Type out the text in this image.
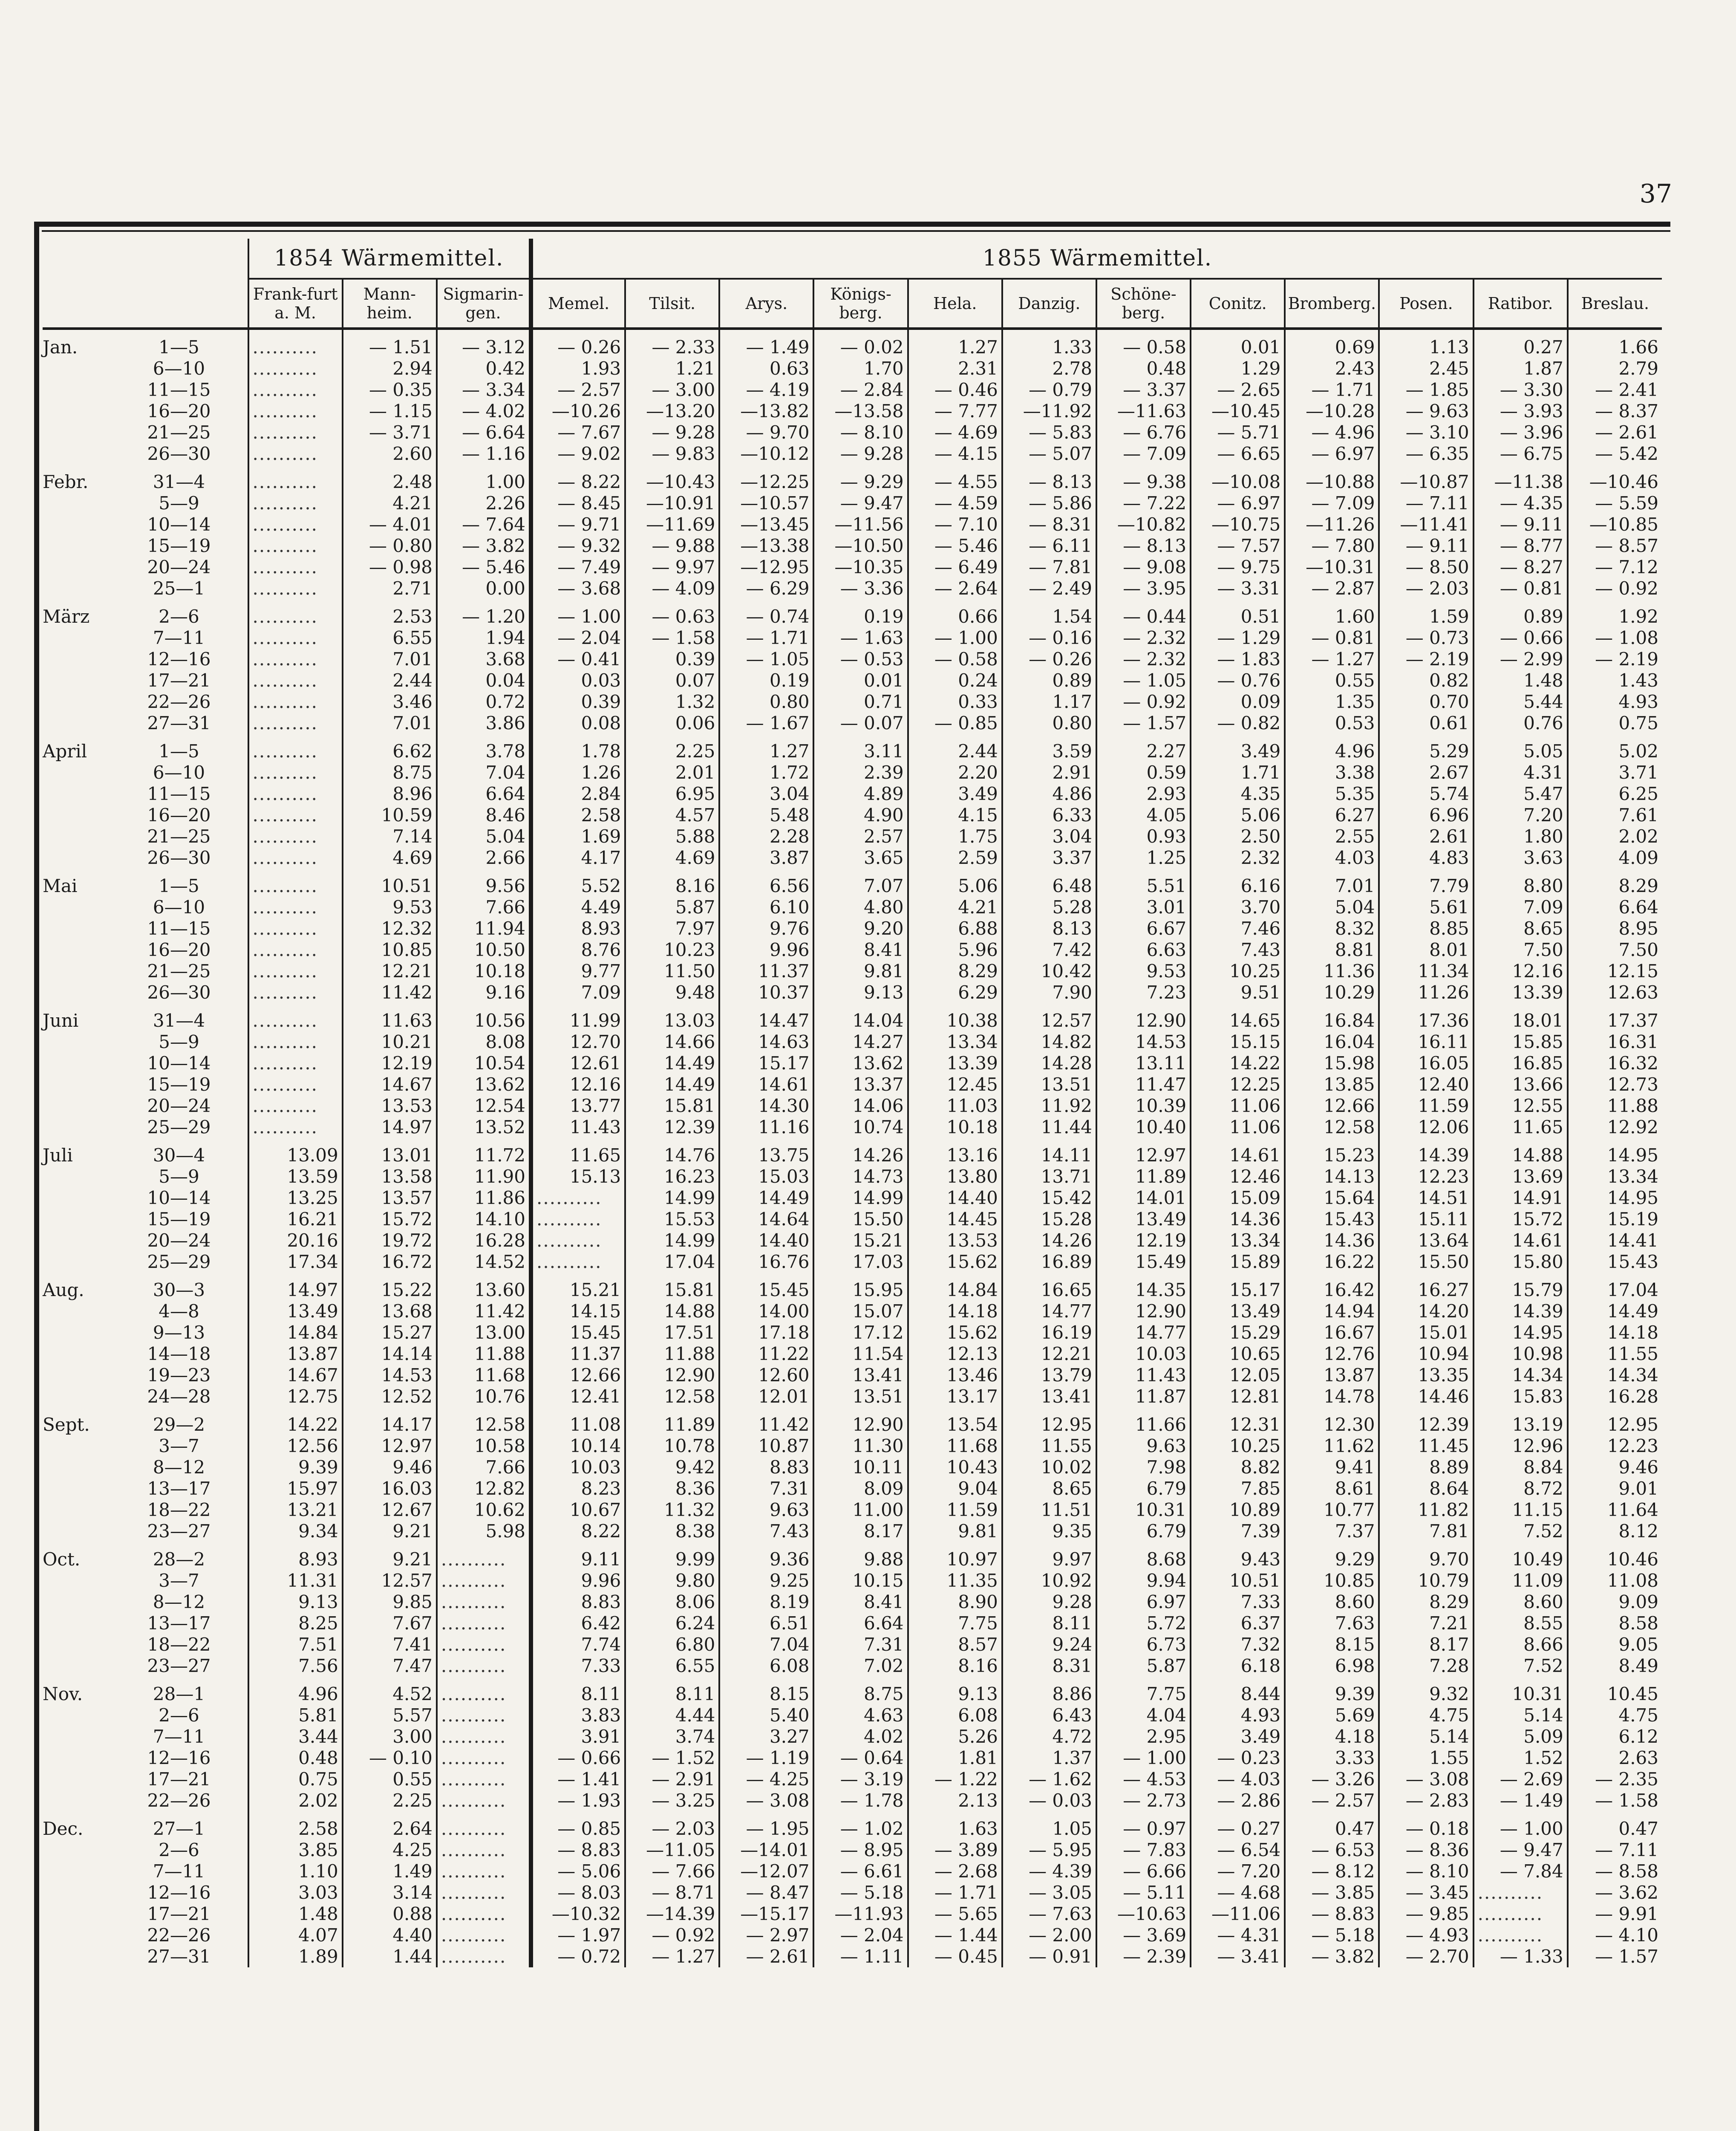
37
	1854 Wärmemittel.			1855 Wärmemittel.											
	Frank-furt a. M.	Mann-heim.	Sigmarin-gen.	Memel.	Tilsit.	Arys.	Königs-berg.	Hela.	Danzig.	Schöne-berg.	Conitz.	Bromberg.	Posen.	Ratibor.	Breslau.
Jan. 1—5	..........	— 1.51	— 3.12	— 0.26	— 2.33	— 1.49	— 0.02	1.27	1.33	— 0.58	0.01	0.69	1.13	0.27	1.66
6—10	..........	2.94	0.42	1.93	1.21	0.63	1.70	2.31	2.78	0.48	1.29	2.43	2.45	1.87	2.79
11—15	..........	— 0.35	— 3.34	— 2.57	— 3.00	— 4.19	— 2.84	— 0.46	— 0.79	— 3.37	— 2.65	— 1.71	— 1.85	— 3.30	— 2.41
16—20	..........	— 1.15	— 4.02	—10.26	—13.20	—13.82	—13.58	— 7.77	—11.92	—11.63	—10.45	—10.28	— 9.63	— 3.93	— 8.37
21—25	..........	— 3.71	— 6.64	— 7.67	— 9.28	— 9.70	— 8.10	— 4.69	— 5.83	— 6.76	— 5.71	— 4.96	— 3.10	— 3.96	— 2.61
26—30	..........	2.60	— 1.16	— 9.02	— 9.83	—10.12	— 9.28	— 4.15	— 5.07	— 7.09	— 6.65	— 6.97	— 6.35	— 6.75	— 5.42
Febr. 31—4	..........	2.48	1.00	— 8.22	—10.43	—12.25	— 9.29	— 4.55	— 8.13	— 9.38	—10.08	—10.88	—10.87	—11.38	—10.46
5—9	..........	4.21	2.26	— 8.45	—10.91	—10.57	— 9.47	— 4.59	— 5.86	— 7.22	— 6.97	— 7.09	— 7.11	— 4.35	— 5.59
10—14	..........	— 4.01	— 7.64	— 9.71	—11.69	—13.45	—11.56	— 7.10	— 8.31	—10.82	—10.75	—11.26	—11.41	— 9.11	—10.85
15—19	..........	— 0.80	— 3.82	— 9.32	— 9.88	—13.38	—10.50	— 5.46	— 6.11	— 8.13	— 7.57	— 7.80	— 9.11	— 8.77	— 8.57
20—24	..........	— 0.98	— 5.46	— 7.49	— 9.97	—12.95	—10.35	— 6.49	— 7.81	— 9.08	— 9.75	—10.31	— 8.50	— 8.27	— 7.12
25—1	..........	2.71	0.00	— 3.68	— 4.09	— 6.29	— 3.36	— 2.64	— 2.49	— 3.95	— 3.31	— 2.87	— 2.03	— 0.81	— 0.92
März 2—6	..........	2.53	— 1.20	— 1.00	— 0.63	— 0.74	0.19	0.66	1.54	— 0.44	0.51	1.60	1.59	0.89	1.92
7—11	..........	6.55	1.94	— 2.04	— 1.58	— 1.71	— 1.63	— 1.00	— 0.16	— 2.32	— 1.29	— 0.81	— 0.73	— 0.66	— 1.08
12—16	..........	7.01	3.68	— 0.41	0.39	— 1.05	— 0.53	— 0.58	— 0.26	— 2.32	— 1.83	— 1.27	— 2.19	— 2.99	— 2.19
17—21	..........	2.44	0.04	0.03	0.07	0.19	0.01	0.24	0.89	— 1.05	— 0.76	0.55	0.82	1.48	1.43
22—26	..........	3.46	0.72	0.39	1.32	0.80	0.71	0.33	1.17	— 0.92	0.09	1.35	0.70	5.44	4.93
27—31	..........	7.01	3.86	0.08	0.06	— 1.67	— 0.07	— 0.85	0.80	— 1.57	— 0.82	0.53	0.61	0.76	0.75
April 1—5	..........	6.62	3.78	1.78	2.25	1.27	3.11	2.44	3.59	2.27	3.49	4.96	5.29	5.05	5.02
6—10	..........	8.75	7.04	1.26	2.01	1.72	2.39	2.20	2.91	0.59	1.71	3.38	2.67	4.31	3.71
11—15	..........	8.96	6.64	2.84	6.95	3.04	4.89	3.49	4.86	2.93	4.35	5.35	5.74	5.47	6.25
16—20	..........	10.59	8.46	2.58	4.57	5.48	4.90	4.15	6.33	4.05	5.06	6.27	6.96	7.20	7.61
21—25	..........	7.14	5.04	1.69	5.88	2.28	2.57	1.75	3.04	0.93	2.50	2.55	2.61	1.80	2.02
26—30	..........	4.69	2.66	4.17	4.69	3.87	3.65	2.59	3.37	1.25	2.32	4.03	4.83	3.63	4.09
Mai 1—5	..........	10.51	9.56	5.52	8.16	6.56	7.07	5.06	6.48	5.51	6.16	7.01	7.79	8.80	8.29
6—10	..........	9.53	7.66	4.49	5.87	6.10	4.80	4.21	5.28	3.01	3.70	5.04	5.61	7.09	6.64
11—15	..........	12.32	11.94	8.93	7.97	9.76	9.20	6.88	8.13	6.67	7.46	8.32	8.85	8.65	8.95
16—20	..........	10.85	10.50	8.76	10.23	9.96	8.41	5.96	7.42	6.63	7.43	8.81	8.01	7.50	7.50
21—25	..........	12.21	10.18	9.77	11.50	11.37	9.81	8.29	10.42	9.53	10.25	11.36	11.34	12.16	12.15
26—30	..........	11.42	9.16	7.09	9.48	10.37	9.13	6.29	7.90	7.23	9.51	10.29	11.26	13.39	12.63
Juni 31—4	..........	11.63	10.56	11.99	13.03	14.47	14.04	10.38	12.57	12.90	14.65	16.84	17.36	18.01	17.37
5—9	..........	10.21	8.08	12.70	14.66	14.63	14.27	13.34	14.82	14.53	15.15	16.04	16.11	15.85	16.31
10—14	..........	12.19	10.54	12.61	14.49	15.17	13.62	13.39	14.28	13.11	14.22	15.98	16.05	16.85	16.32
15—19	..........	14.67	13.62	12.16	14.49	14.61	13.37	12.45	13.51	11.47	12.25	13.85	12.40	13.66	12.73
20—24	..........	13.53	12.54	13.77	15.81	14.30	14.06	11.03	11.92	10.39	11.06	12.66	11.59	12.55	11.88
25—29	..........	14.97	13.52	11.43	12.39	11.16	10.74	10.18	11.44	10.40	11.06	12.58	12.06	11.65	12.92
Juli 30—4	13.09	13.01	11.72	11.65	14.76	13.75	14.26	13.16	14.11	12.97	14.61	15.23	14.39	14.88	14.95
5—9	13.59	13.58	11.90	15.13	16.23	15.03	14.73	13.80	13.71	11.89	12.46	14.13	12.23	13.69	13.34
10—14	13.25	13.57	11.86	..........	14.99	14.49	14.99	14.40	15.42	14.01	15.09	15.64	14.51	14.91	14.95
15—19	16.21	15.72	14.10	..........	15.53	14.64	15.50	14.45	15.28	13.49	14.36	15.43	15.11	15.72	15.19
20—24	20.16	19.72	16.28	..........	14.99	14.40	15.21	13.53	14.26	12.19	13.34	14.36	13.64	14.61	14.41
25—29	17.34	16.72	14.52	..........	17.04	16.76	17.03	15.62	16.89	15.49	15.89	16.22	15.50	15.80	15.43
Aug. 30—3	14.97	15.22	13.60	15.21	15.81	15.45	15.95	14.84	16.65	14.35	15.17	16.42	16.27	15.79	17.04
4—8	13.49	13.68	11.42	14.15	14.88	14.00	15.07	14.18	14.77	12.90	13.49	14.94	14.20	14.39	14.49
9—13	14.84	15.27	13.00	15.45	17.51	17.18	17.12	15.62	16.19	14.77	15.29	16.67	15.01	14.95	14.18
14—18	13.87	14.14	11.88	11.37	11.88	11.22	11.54	12.13	12.21	10.03	10.65	12.76	10.94	10.98	11.55
19—23	14.67	14.53	11.68	12.66	12.90	12.60	13.41	13.46	13.79	11.43	12.05	13.87	13.35	14.34	14.34
24—28	12.75	12.52	10.76	12.41	12.58	12.01	13.51	13.17	13.41	11.87	12.81	14.78	14.46	15.83	16.28
Sept. 29—2	14.22	14.17	12.58	11.08	11.89	11.42	12.90	13.54	12.95	11.66	12.31	12.30	12.39	13.19	12.95
3—7	12.56	12.97	10.58	10.14	10.78	10.87	11.30	11.68	11.55	9.63	10.25	11.62	11.45	12.96	12.23
8—12	9.39	9.46	7.66	10.03	9.42	8.83	10.11	10.43	10.02	7.98	8.82	9.41	8.89	8.84	9.46
13—17	15.97	16.03	12.82	8.23	8.36	7.31	8.09	9.04	8.65	6.79	7.85	8.61	8.64	8.72	9.01
18—22	13.21	12.67	10.62	10.67	11.32	9.63	11.00	11.59	11.51	10.31	10.89	10.77	11.82	11.15	11.64
23—27	9.34	9.21	5.98	8.22	8.38	7.43	8.17	9.81	9.35	6.79	7.39	7.37	7.81	7.52	8.12
Oct. 28—2	8.93	9.21	..........	9.11	9.99	9.36	9.88	10.97	9.97	8.68	9.43	9.29	9.70	10.49	10.46
3—7	11.31	12.57	..........	9.96	9.80	9.25	10.15	11.35	10.92	9.94	10.51	10.85	10.79	11.09	11.08
8—12	9.13	9.85	..........	8.83	8.06	8.19	8.41	8.90	9.28	6.97	7.33	8.60	8.29	8.60	9.09
13—17	8.25	7.67	..........	6.42	6.24	6.51	6.64	7.75	8.11	5.72	6.37	7.63	7.21	8.55	8.58
18—22	7.51	7.41	..........	7.74	6.80	7.04	7.31	8.57	9.24	6.73	7.32	8.15	8.17	8.66	9.05
23—27	7.56	7.47	..........	7.33	6.55	6.08	7.02	8.16	8.31	5.87	6.18	6.98	7.28	7.52	8.49
Nov. 28—1	4.96	4.52	..........	8.11	8.11	8.15	8.75	9.13	8.86	7.75	8.44	9.39	9.32	10.31	10.45
2—6	5.81	5.57	..........	3.83	4.44	5.40	4.63	6.08	6.43	4.04	4.93	5.69	4.75	5.14	4.75
7—11	3.44	3.00	..........	3.91	3.74	3.27	4.02	5.26	4.72	2.95	3.49	4.18	5.14	5.09	6.12
12—16	0.48	— 0.10	..........	— 0.66	— 1.52	— 1.19	— 0.64	1.81	1.37	— 1.00	— 0.23	3.33	1.55	1.52	2.63
17—21	0.75	0.55	..........	— 1.41	— 2.91	— 4.25	— 3.19	— 1.22	— 1.62	— 4.53	— 4.03	— 3.26	— 3.08	— 2.69	— 2.35
22—26	2.02	2.25	..........	— 1.93	— 3.25	— 3.08	— 1.78	2.13	— 0.03	— 2.73	— 2.86	— 2.57	— 2.83	— 1.49	— 1.58
Dec. 27—1	2.58	2.64	..........	— 0.85	— 2.03	— 1.95	— 1.02	1.63	1.05	— 0.97	— 0.27	0.47	— 0.18	— 1.00	0.47
2—6	3.85	4.25	..........	— 8.83	—11.05	—14.01	— 8.95	— 3.89	— 5.95	— 7.83	— 6.54	— 6.53	— 8.36	— 9.47	— 7.11
7—11	1.10	1.49	..........	— 5.06	— 7.66	—12.07	— 6.61	— 2.68	— 4.39	— 6.66	— 7.20	— 8.12	— 8.10	— 7.84	— 8.58
12—16	3.03	3.14	..........	— 8.03	— 8.71	— 8.47	— 5.18	— 1.71	— 3.05	— 5.11	— 4.68	— 3.85	— 3.45	..........	— 3.62
17—21	1.48	0.88	..........	—10.32	—14.39	—15.17	—11.93	— 5.65	— 7.63	—10.63	—11.06	— 8.83	— 9.85	..........	— 9.91
22—26	4.07	4.40	..........	— 1.97	— 0.92	— 2.97	— 2.04	— 1.44	— 2.00	— 3.69	— 4.31	— 5.18	— 4.93	..........	— 4.10
27—31	1.89	1.44	..........	— 0.72	— 1.27	— 2.61	— 1.11	— 0.45	— 0.91	— 2.39	— 3.41	— 3.82	— 2.70	— 1.33	— 1.57
